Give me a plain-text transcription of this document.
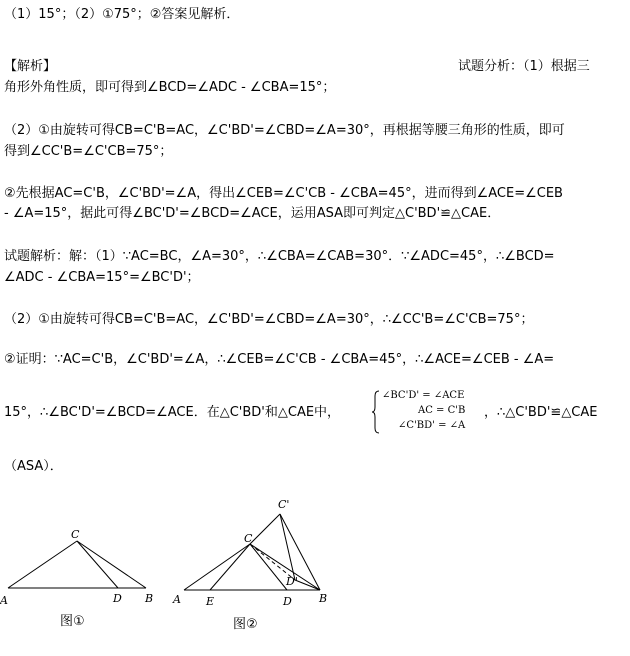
（1）15°；（2）①75°；②答案见解析．
【解析】	试题分析：（1）根据三
角形外角性质，即可得到∠BCD=∠ADC - ∠CBA=15°；
（2）①由旋转可得CB=C'B=AC，∠C'BD'=∠CBD=∠A=30°，再根据等腰三角形的性质，即可
得到∠CC'B=∠C'CB=75°；
②先根据AC=C'B，∠C'BD'=∠A，得出∠CEB=∠C'CB - ∠CBA=45°，进而得到∠ACE=∠CEB
- ∠A=15°，据此可得∠BC'D'=∠BCD=∠ACE，运用ASA即可判定△C'BD'≌△CAE．
试题解析：解：（1）∵AC=BC，∠A=30°，∴∠CBA=∠CAB=30°．∵∠ADC=45°，∴∠BCD=
∠ADC - ∠CBA=15°=∠BC'D'；
（2）①由旋转可得CB=C'B=AC，∠C'BD'=∠CBD=∠A=30°，∴∠CC'B=∠C'CB=75°；
②证明：∵AC=C'B，∠C'BD'=∠A，∴∠CEB=∠C'CB - ∠CBA=45°，∴∠ACE=∠CEB - ∠A=
15°，∴∠BC'D'=∠BCD=∠ACE．在△C'BD'和△CAE中，
∠BC'D' = ∠ACE
AC = C'B
∠C'BD' = ∠A
，∴△C'BD'≌△CAE
（ASA）．
A	B
C
D
图①
A E	D B
C
C'
D'
图②
